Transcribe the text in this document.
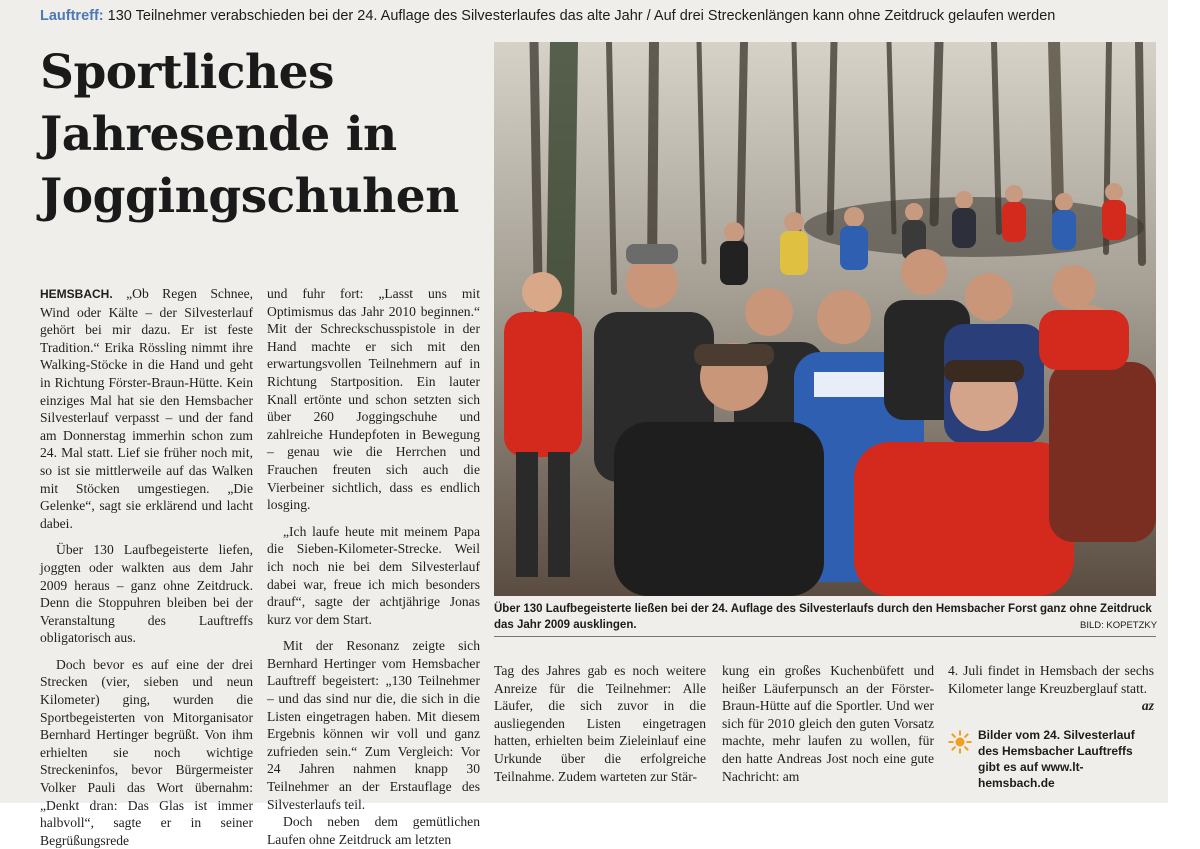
Lauftreff: 130 Teilnehmer verabschieden bei der 24. Auflage des Silvesterlaufes das alte Jahr / Auf drei Streckenlängen kann ohne Zeitdruck gelaufen werden
Sportliches
Jahresende in
Joggingschuhen

HEMSBACH. „Ob Regen Schnee, Wind oder Kälte – der Silvesterlauf gehört bei mir dazu. Er ist feste Tradition.“ Erika Rössling nimmt ihre Walking-Stöcke in die Hand und geht in Richtung Förster-Braun-Hütte. Kein einziges Mal hat sie den Hemsbacher Silvesterlauf verpasst – und der fand am Donnerstag immerhin schon zum 24. Mal statt. Lief sie früher noch mit, so ist sie mittlerweile auf das Walken mit Stöcken umgestiegen. „Die Gelenke“, sagt sie erklärend und lacht dabei.

Über 130 Laufbegeisterte liefen, joggten oder walkten aus dem Jahr 2009 heraus – ganz ohne Zeitdruck. Denn die Stoppuhren bleiben bei der Veranstaltung des Lauftreffs obligatorisch aus.

Doch bevor es auf eine der drei Strecken (vier, sieben und neun Kilometer) ging, wurden die Sportbegeisterten von Mitorganisator Bernhard Hertinger begrüßt. Von ihm erhielten sie noch wichtige Streckeninfos, bevor Bürgermeister Volker Pauli das Wort übernahm: „Denkt dran: Das Glas ist immer halbvoll“, sagte er in seiner Begrüßungsrede

und fuhr fort: „Lasst uns mit Optimismus das Jahr 2010 beginnen.“ Mit der Schreckschusspistole in der Hand machte er sich mit den erwartungsvollen Teilnehmern auf in Richtung Startposition. Ein lauter Knall ertönte und schon setzten sich über 260 Joggingschuhe und zahlreiche Hundepfoten in Bewegung – genau wie die Herrchen und Frauchen freuten sich auch die Vierbeiner sichtlich, dass es endlich losging.

„Ich laufe heute mit meinem Papa die Sieben-Kilometer-Strecke. Weil ich noch nie bei dem Silvesterlauf dabei war, freue ich mich besonders drauf“, sagte der achtjährige Jonas kurz vor dem Start.

Mit der Resonanz zeigte sich Bernhard Hertinger vom Hemsbacher Lauftreff begeistert: „130 Teilnehmer – und das sind nur die, die sich in die Listen eingetragen haben. Mit diesem Ergebnis können wir voll und ganz zufrieden sein.“ Zum Vergleich: Vor 24 Jahren nahmen knapp 30 Teilnehmer an der Erstauflage des Silvesterlaufs teil.

Doch neben dem gemütlichen Laufen ohne Zeitdruck am letzten

Über 130 Laufbegeisterte ließen bei der 24. Auflage des Silvesterlaufs durch den Hemsbacher Forst ganz ohne Zeitdruck das Jahr 2009 ausklingen.	BILD: KOPETZKY

Tag des Jahres gab es noch weitere Anreize für die Teilnehmer: Alle Läufer, die sich zuvor in die ausliegenden Listen eingetragen hatten, erhielten beim Zieleinlauf eine Urkunde über die erfolgreiche Teilnahme. Zudem warteten zur Stär-

kung ein großes Kuchenbüfett und heißer Läuferpunsch an der Förster-Braun-Hütte auf die Sportler. Und wer sich für 2010 gleich den guten Vorsatz machte, mehr laufen zu wollen, für den hatte Andreas Jost noch eine gute Nachricht: am

4. Juli findet in Hemsbach der sechs Kilometer lange Kreuzberglauf statt.
az

Bilder vom 24. Silvesterlauf des Hemsbacher Lauftreffs gibt es auf www.lt-hemsbach.de
